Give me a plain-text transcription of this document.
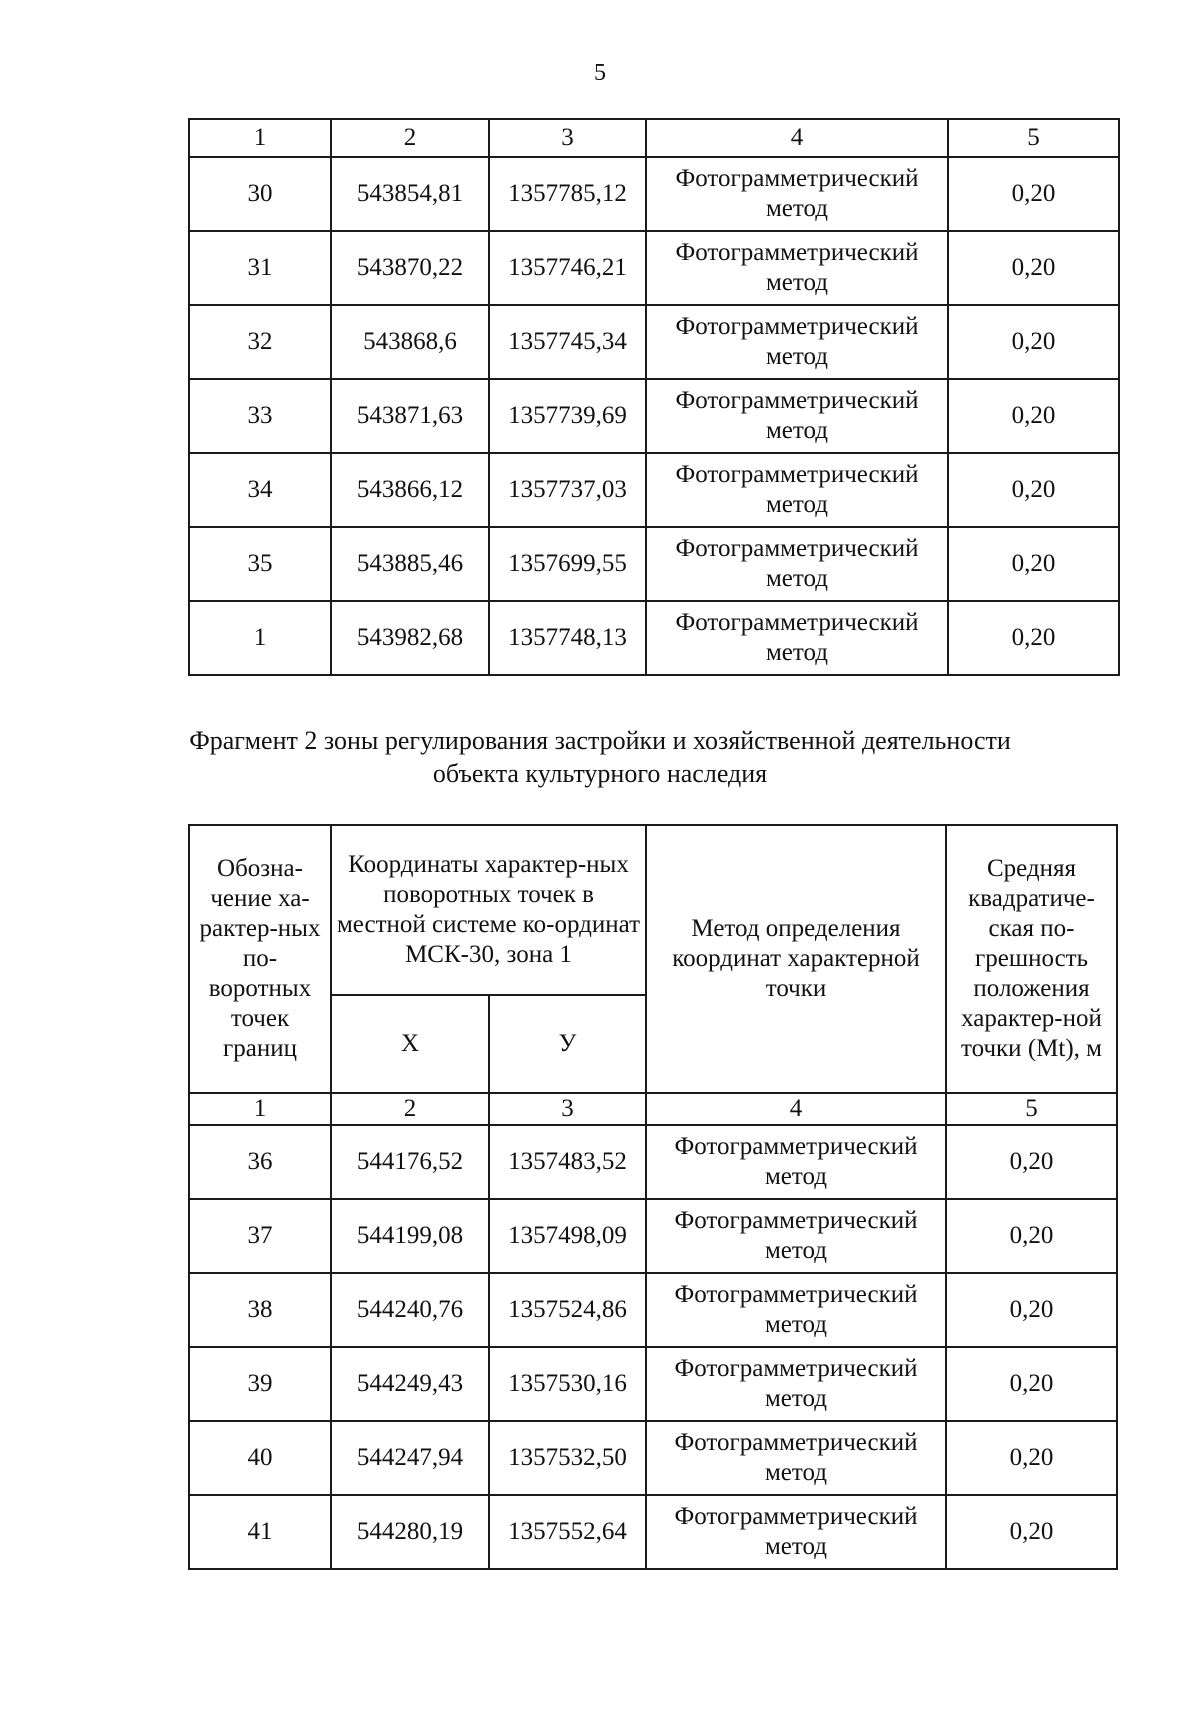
5
1	2	3	4	5
30	543854,81	1357785,12	Фотограмметрический метод	0,20
31	543870,22	1357746,21	Фотограмметрический метод	0,20
32	543868,6	1357745,34	Фотограмметрический метод	0,20
33	543871,63	1357739,69	Фотограмметрический метод	0,20
34	543866,12	1357737,03	Фотограмметрический метод	0,20
35	543885,46	1357699,55	Фотограмметрический метод	0,20
1	543982,68	1357748,13	Фотограмметрический метод	0,20
Фрагмент 2 зоны регулирования застройки и хозяйственной деятельности
объекта культурного наследия
Обозна-чение ха-рактер-ных по-воротных точек границ	Координаты характер-ных поворотных точек в местной системе ко-ординат МСК-30, зона 1		Метод определения координат характерной точки	Средняя квадратиче-ская по-грешность положения характер-ной точки (Mt), м
	Х	У		
1	2	3	4	5
36	544176,52	1357483,52	Фотограмметрический метод	0,20
37	544199,08	1357498,09	Фотограмметрический метод	0,20
38	544240,76	1357524,86	Фотограмметрический метод	0,20
39	544249,43	1357530,16	Фотограмметрический метод	0,20
40	544247,94	1357532,50	Фотограмметрический метод	0,20
41	544280,19	1357552,64	Фотограмметрический метод	0,20
